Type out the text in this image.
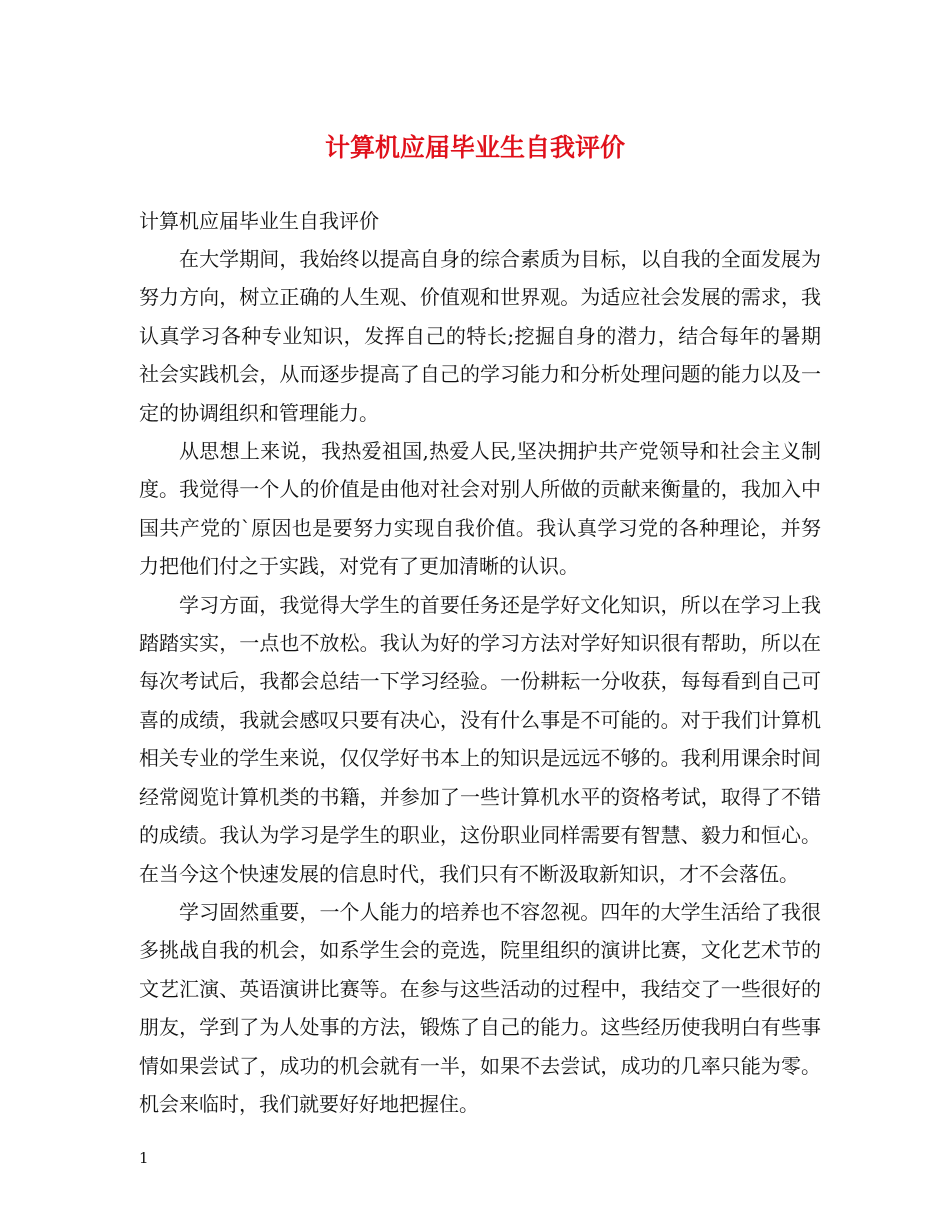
计算机应届毕业生自我评价

计算机应届毕业生自我评价

在大学期间，我始终以提高自身的综合素质为目标，以自我的全面发展为努力方向，树立正确的人生观、价值观和世界观。为适应社会发展的需求，我认真学习各种专业知识，发挥自己的特长;挖掘自身的潜力，结合每年的暑期社会实践机会，从而逐步提高了自己的学习能力和分析处理问题的能力以及一定的协调组织和管理能力。

从思想上来说，我热爱祖国,热爱人民,坚决拥护共产党领导和社会主义制度。我觉得一个人的价值是由他对社会对别人所做的贡献来衡量的，我加入中国共产党的`原因也是要努力实现自我价值。我认真学习党的各种理论，并努力把他们付之于实践，对党有了更加清晰的认识。

学习方面，我觉得大学生的首要任务还是学好文化知识，所以在学习上我踏踏实实，一点也不放松。我认为好的学习方法对学好知识很有帮助，所以在每次考试后，我都会总结一下学习经验。一份耕耘一分收获，每每看到自己可喜的成绩，我就会感叹只要有决心，没有什么事是不可能的。对于我们计算机相关专业的学生来说，仅仅学好书本上的知识是远远不够的。我利用课余时间经常阅览计算机类的书籍，并参加了一些计算机水平的资格考试，取得了不错的成绩。我认为学习是学生的职业，这份职业同样需要有智慧、毅力和恒心。在当今这个快速发展的信息时代，我们只有不断汲取新知识，才不会落伍。

学习固然重要，一个人能力的培养也不容忽视。四年的大学生活给了我很多挑战自我的机会，如系学生会的竞选，院里组织的演讲比赛，文化艺术节的文艺汇演、英语演讲比赛等。在参与这些活动的过程中，我结交了一些很好的朋友，学到了为人处事的方法，锻炼了自己的能力。这些经历使我明白有些事情如果尝试了，成功的机会就有一半，如果不去尝试，成功的几率只能为零。机会来临时，我们就要好好地把握住。

1
